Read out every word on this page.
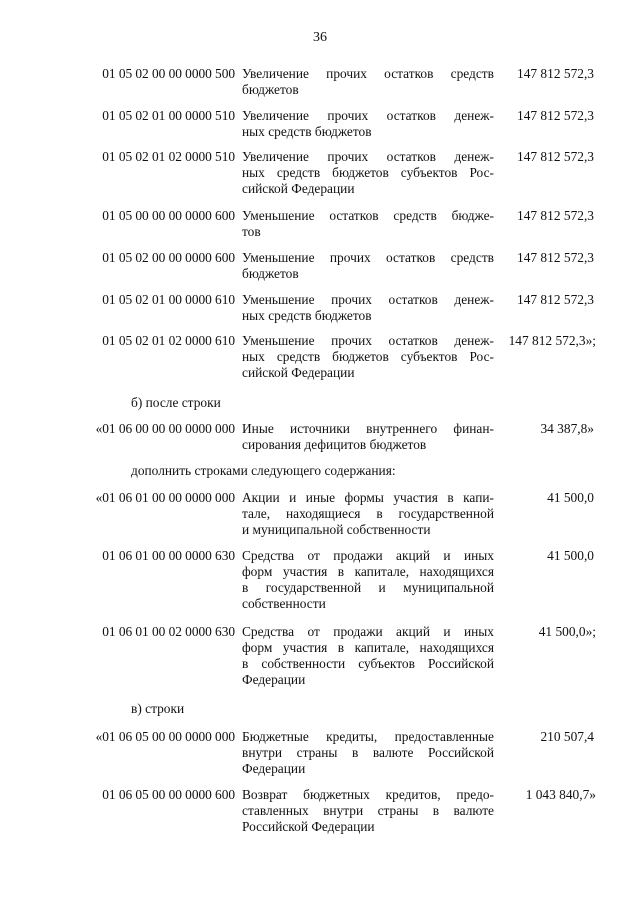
36
01 05 02 00 00 0000 500 Увеличение прочих остатков средств
бюджетов
147 812 572,3
01 05 02 01 00 0000 510 Увеличение прочих остатков денеж-
ных средств бюджетов
147 812 572,3
01 05 02 01 02 0000 510 Увеличение прочих остатков денеж-
ных средств бюджетов субъектов Рос-
сийской Федерации
147 812 572,3
01 05 00 00 00 0000 600 Уменьшение остатков средств бюдже-
тов
147 812 572,3
01 05 02 00 00 0000 600 Уменьшение прочих остатков средств
бюджетов
147 812 572,3
01 05 02 01 00 0000 610 Уменьшение прочих остатков денеж-
ных средств бюджетов
147 812 572,3
01 05 02 01 02 0000 610 Уменьшение прочих остатков денеж-
ных средств бюджетов субъектов Рос-
сийской Федерации
147 812 572,3»;
б) после строки
«01 06 00 00 00 0000 000 Иные источники внутреннего финан-
сирования дефицитов бюджетов
34 387,8»
дополнить строками следующего содержания:
«01 06 01 00 00 0000 000 Акции и иные формы участия в капи-
тале, находящиеся в государственной
и муниципальной собственности
41 500,0
01 06 01 00 00 0000 630 Средства от продажи акций и иных
форм участия в капитале, находящихся
в государственной и муниципальной
собственности
41 500,0
01 06 01 00 02 0000 630 Средства от продажи акций и иных
форм участия в капитале, находящихся
в собственности субъектов Российской
Федерации
41 500,0»;
в) строки
«01 06 05 00 00 0000 000 Бюджетные кредиты, предоставленные
внутри страны в валюте Российской
Федерации
210 507,4
01 06 05 00 00 0000 600 Возврат бюджетных кредитов, предо-
ставленных внутри страны в валюте
Российской Федерации
1 043 840,7»
